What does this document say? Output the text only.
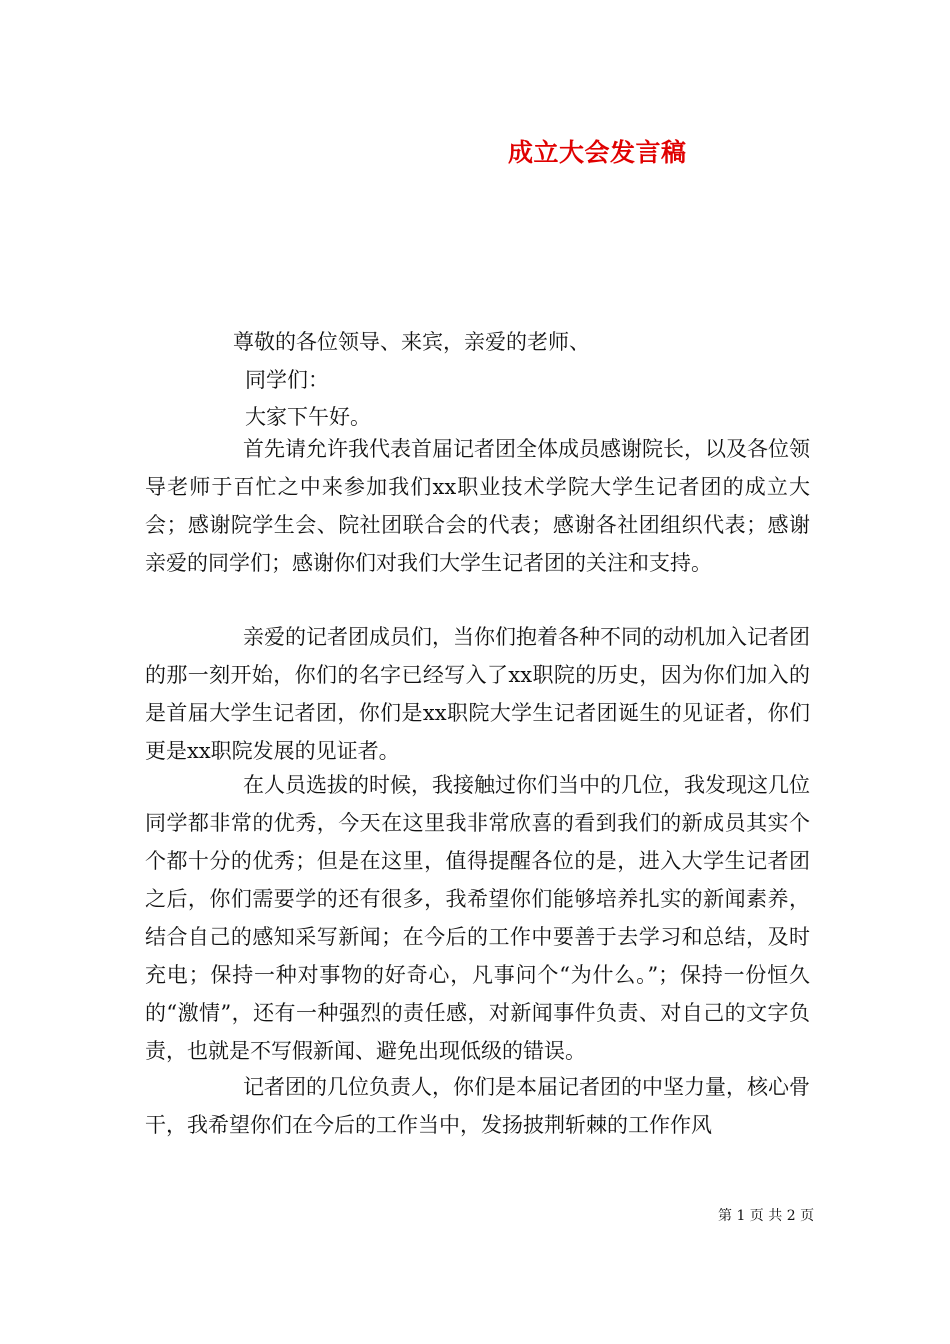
成立大会发言稿
尊敬的各位领导、来宾，亲爱的老师、
同学们：
大家下午好。

首先请允许我代表首届记者团全体成员感谢院长，以及各位领导老师于百忙之中来参加我们xx职业技术学院大学生记者团的成立大会；感谢院学生会、院社团联合会的代表；感谢各社团组织代表；感谢亲爱的同学们；感谢你们对我们大学生记者团的关注和支持。

亲爱的记者团成员们，当你们抱着各种不同的动机加入记者团的那一刻开始，你们的名字已经写入了xx职院的历史，因为你们加入的是首届大学生记者团，你们是xx职院大学生记者团诞生的见证者，你们更是xx职院发展的见证者。

在人员选拔的时候，我接触过你们当中的几位，我发现这几位同学都非常的优秀，今天在这里我非常欣喜的看到我们的新成员其实个个都十分的优秀；但是在这里，值得提醒各位的是，进入大学生记者团之后，你们需要学的还有很多，我希望你们能够培养扎实的新闻素养，结合自己的感知采写新闻；在今后的工作中要善于去学习和总结，及时充电；保持一种对事物的好奇心，凡事问个“为什么。”；保持一份恒久的“激情”，还有一种强烈的责任感，对新闻事件负责、对自己的文字负责，也就是不写假新闻、避免出现低级的错误。

记者团的几位负责人，你们是本届记者团的中坚力量，核心骨干，我希望你们在今后的工作当中，发扬披荆斩棘的工作作风

第 1 页 共 2 页
